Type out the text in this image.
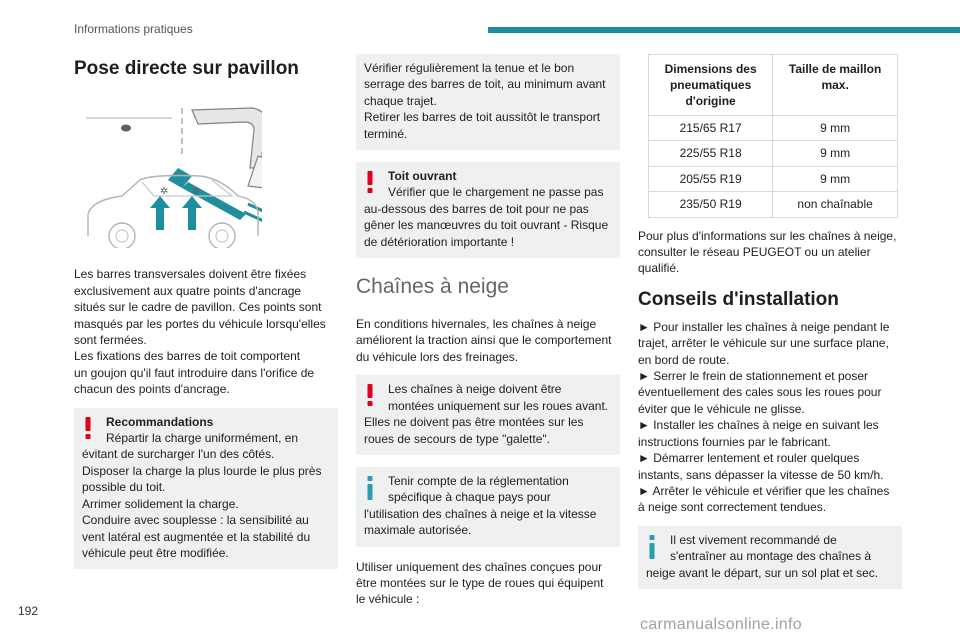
Informations pratiques
Pose directe sur pavillon
✲ ✲

Les barres transversales doivent être fixées
exclusivement aux quatre points d'ancrage
situés sur le cadre de pavillon. Ces points sont
masqués par les portes du véhicule lorsqu'elles
sont fermées.
Les fixations des barres de toit comportent
un goujon qu'il faut introduire dans l'orifice de
chacun des points d'ancrage.

Recommandations
Répartir la charge uniformément, en
évitant de surcharger l'un des côtés.
Disposer la charge la plus lourde le plus près
possible du toit.
Arrimer solidement la charge.
Conduire avec souplesse : la sensibilité au
vent latéral est augmentée et la stabilité du
véhicule peut être modifiée.
Vérifier régulièrement la tenue et le bon
serrage des barres de toit, au minimum avant
chaque trajet.
Retirer les barres de toit aussitôt le transport
terminé.
Toit ouvrant
Vérifier que le chargement ne passe pas
au-dessous des barres de toit pour ne pas
gêner les manœuvres du toit ouvrant - Risque
de détérioration importante !
Chaînes à neige

En conditions hivernales, les chaînes à neige
améliorent la traction ainsi que le comportement
du véhicule lors des freinages.

Les chaînes à neige doivent être
montées uniquement sur les roues avant.
Elles ne doivent pas être montées sur les
roues de secours de type "galette".
Tenir compte de la réglementation
spécifique à chaque pays pour
l'utilisation des chaînes à neige et la vitesse
maximale autorisée.

Utiliser uniquement des chaînes conçues pour
être montées sur le type de roues qui équipent
le véhicule :

Dimensions des
pneumatiques
d'origine	Taille de maillon
max.

215/65 R17	9 mm
225/55 R18	9 mm
205/55 R19	9 mm
235/50 R19	non chaînable

Pour plus d'informations sur les chaînes à neige,
consulter le réseau PEUGEOT ou un atelier
qualifié.

Conseils d'installation

► Pour installer les chaînes à neige pendant le
trajet, arrêter le véhicule sur une surface plane,
en bord de route.
► Serrer le frein de stationnement et poser
éventuellement des cales sous les roues pour
éviter que le véhicule ne glisse.
► Installer les chaînes à neige en suivant les
instructions fournies par le fabricant.
► Démarrer lentement et rouler quelques
instants, sans dépasser la vitesse de 50 km/h.
► Arrêter le véhicule et vérifier que les chaînes
à neige sont correctement tendues.

Il est vivement recommandé de
s'entraîner au montage des chaînes à
neige avant le départ, sur un sol plat et sec.
192
carmanualsonline.info
